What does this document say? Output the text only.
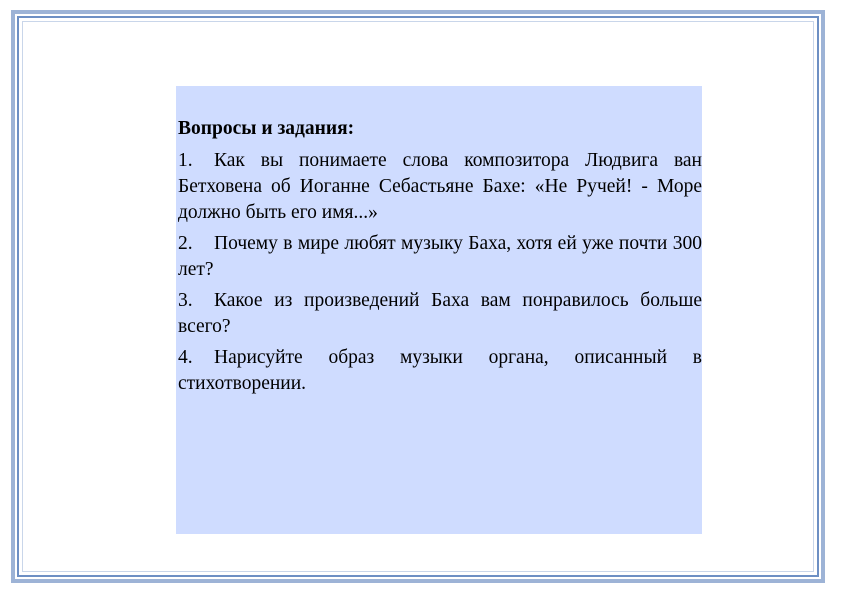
Вопросы и задания:

1. Как вы понимаете слова композитора Людвига ван Бетховена об Иоганне Себастьяне Бахе: «Не Ручей! - Море должно быть его имя...»

2. Почему в мире любят музыку Баха, хотя ей уже почти 300 лет?

3. Какое из произведений Баха вам понравилось больше всего?

4. Нарисуйте образ музыки органа, описанный в стихотворении.
